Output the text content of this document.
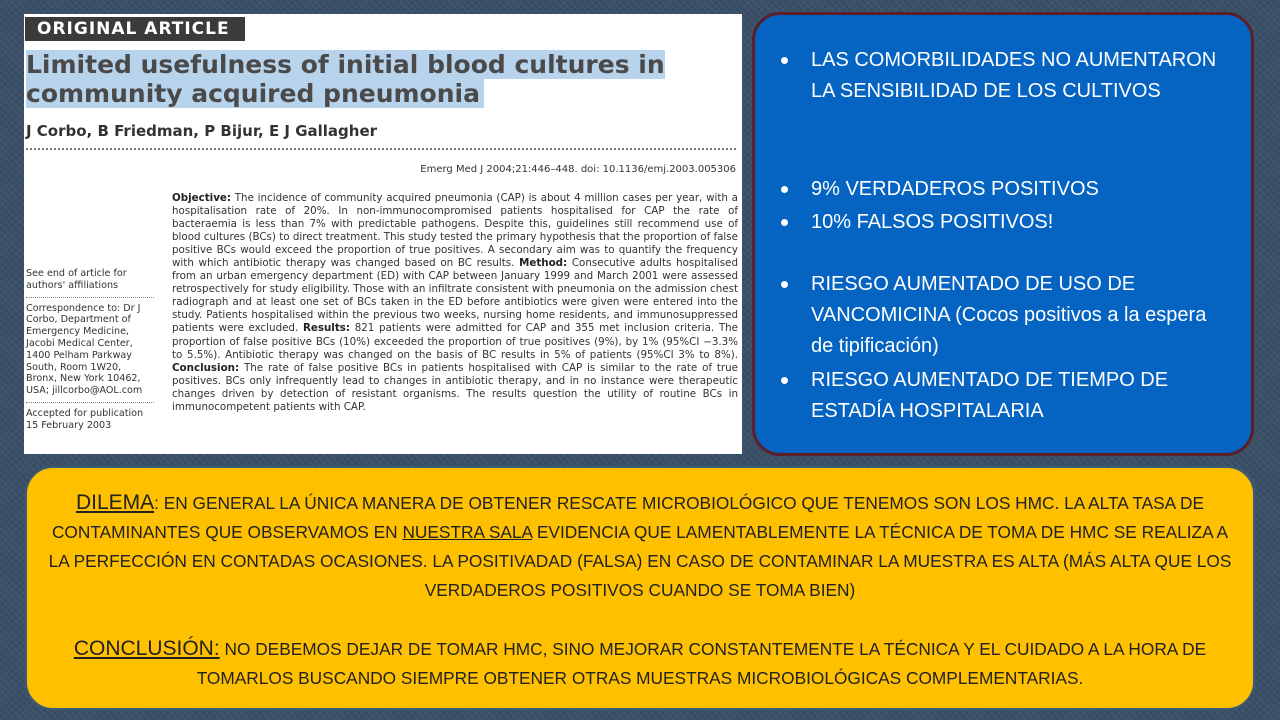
ORIGINAL ARTICLE
Limited usefulness of initial blood cultures in community acquired pneumonia
J Corbo, B Friedman, P Bijur, E J Gallagher
Emerg Med J 2004;21:446–448. doi: 10.1136/emj.2003.005306

See end of article for authors' affiliations

Correspondence to: Dr J Corbo, Department of Emergency Medicine, Jacobi Medical Center, 1400 Pelham Parkway South, Room 1W20, Bronx, New York 10462, USA; jillcorbo@AOL.com

Accepted for publication 15 February 2003

Objective: The incidence of community acquired pneumonia (CAP) is about 4 million cases per year, with a hospitalisation rate of 20%. In non-immunocompromised patients hospitalised for CAP the rate of bacteraemia is less than 7% with predictable pathogens. Despite this, guidelines still recommend use of blood cultures (BCs) to direct treatment. This study tested the primary hypothesis that the proportion of false positive BCs would exceed the proportion of true positives. A secondary aim was to quantify the frequency with which antibiotic therapy was changed based on BC results. Method: Consecutive adults hospitalised from an urban emergency department (ED) with CAP between January 1999 and March 2001 were assessed retrospectively for study eligibility. Those with an infiltrate consistent with pneumonia on the admission chest radiograph and at least one set of BCs taken in the ED before antibiotics were given were entered into the study. Patients hospitalised within the previous two weeks, nursing home residents, and immunosuppressed patients were excluded. Results: 821 patients were admitted for CAP and 355 met inclusion criteria. The proportion of false positive BCs (10%) exceeded the proportion of true positives (9%), by 1% (95%CI −3.3% to 5.5%). Antibiotic therapy was changed on the basis of BC results in 5% of patients (95%CI 3% to 8%). Conclusion: The rate of false positive BCs in patients hospitalised with CAP is similar to the rate of true positives. BCs only infrequently lead to changes in antibiotic therapy, and in no instance were therapeutic changes driven by detection of resistant organisms. The results question the utility of routine BCs in immunocompetent patients with CAP.

LAS COMORBILIDADES NO AUMENTARON LA SENSIBILIDAD DE LOS CULTIVOS
9% VERDADEROS POSITIVOS
10% FALSOS POSITIVOS!
RIESGO AUMENTADO DE USO DE VANCOMICINA (Cocos positivos a la espera de tipificación)
RIESGO AUMENTADO DE TIEMPO DE ESTADÍA HOSPITALARIA

DILEMA: EN GENERAL LA ÚNICA MANERA DE OBTENER RESCATE MICROBIOLÓGICO QUE TENEMOS SON LOS HMC. LA ALTA TASA DE CONTAMINANTES QUE OBSERVAMOS EN NUESTRA SALA EVIDENCIA QUE LAMENTABLEMENTE LA TÉCNICA DE TOMA DE HMC SE REALIZA A LA PERFECCIÓN EN CONTADAS OCASIONES. LA POSITIVADAD (FALSA) EN CASO DE CONTAMINAR LA MUESTRA ES ALTA (MÁS ALTA QUE LOS VERDADEROS POSITIVOS CUANDO SE TOMA BIEN)

CONCLUSIÓN: NO DEBEMOS DEJAR DE TOMAR HMC, SINO MEJORAR CONSTANTEMENTE LA TÉCNICA Y EL CUIDADO A LA HORA DE TOMARLOS BUSCANDO SIEMPRE OBTENER OTRAS MUESTRAS MICROBIOLÓGICAS COMPLEMENTARIAS.
